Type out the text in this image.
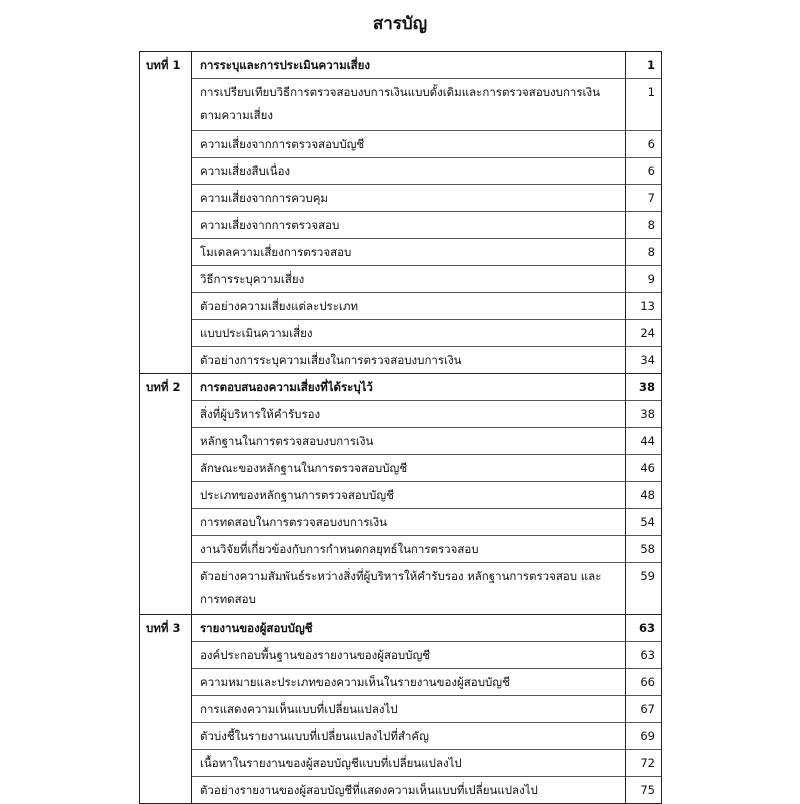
สารบัญ
บทที่ 1	การระบุและการประเมินความเสี่ยง	1
	การเปรียบเทียบวิธีการตรวจสอบงบการเงินแบบดั้งเดิมและการตรวจสอบงบการเงินตามความเสี่ยง	1
	ความเสี่ยงจากการตรวจสอบบัญชี	6
	ความเสี่ยงสืบเนื่อง	6
	ความเสี่ยงจากการควบคุม	7
	ความเสี่ยงจากการตรวจสอบ	8
	โมเดลความเสี่ยงการตรวจสอบ	8
	วิธีการระบุความเสี่ยง	9
	ตัวอย่างความเสี่ยงแต่ละประเภท	13
	แบบประเมินความเสี่ยง	24
	ตัวอย่างการระบุความเสี่ยงในการตรวจสอบงบการเงิน	34
บทที่ 2	การตอบสนองความเสี่ยงที่ได้ระบุไว้	38
	สิ่งที่ผู้บริหารให้คำรับรอง	38
	หลักฐานในการตรวจสอบงบการเงิน	44
	ลักษณะของหลักฐานในการตรวจสอบบัญชี	46
	ประเภทของหลักฐานการตรวจสอบบัญชี	48
	การทดสอบในการตรวจสอบงบการเงิน	54
	งานวิจัยที่เกี่ยวข้องกับการกำหนดกลยุทธ์ในการตรวจสอบ	58
	ตัวอย่างความสัมพันธ์ระหว่างสิ่งที่ผู้บริหารให้คำรับรอง หลักฐานการตรวจสอบ และการทดสอบ	59
บทที่ 3	รายงานของผู้สอบบัญชี	63
	องค์ประกอบพื้นฐานของรายงานของผู้สอบบัญชี	63
	ความหมายและประเภทของความเห็นในรายงานของผู้สอบบัญชี	66
	การแสดงความเห็นแบบที่เปลี่ยนแปลงไป	67
	ตัวบ่งชี้ในรายงานแบบที่เปลี่ยนแปลงไปที่สำคัญ	69
	เนื้อหาในรายงานของผู้สอบบัญชีแบบที่เปลี่ยนแปลงไป	72
	ตัวอย่างรายงานของผู้สอบบัญชีที่แสดงความเห็นแบบที่เปลี่ยนแปลงไป	75
